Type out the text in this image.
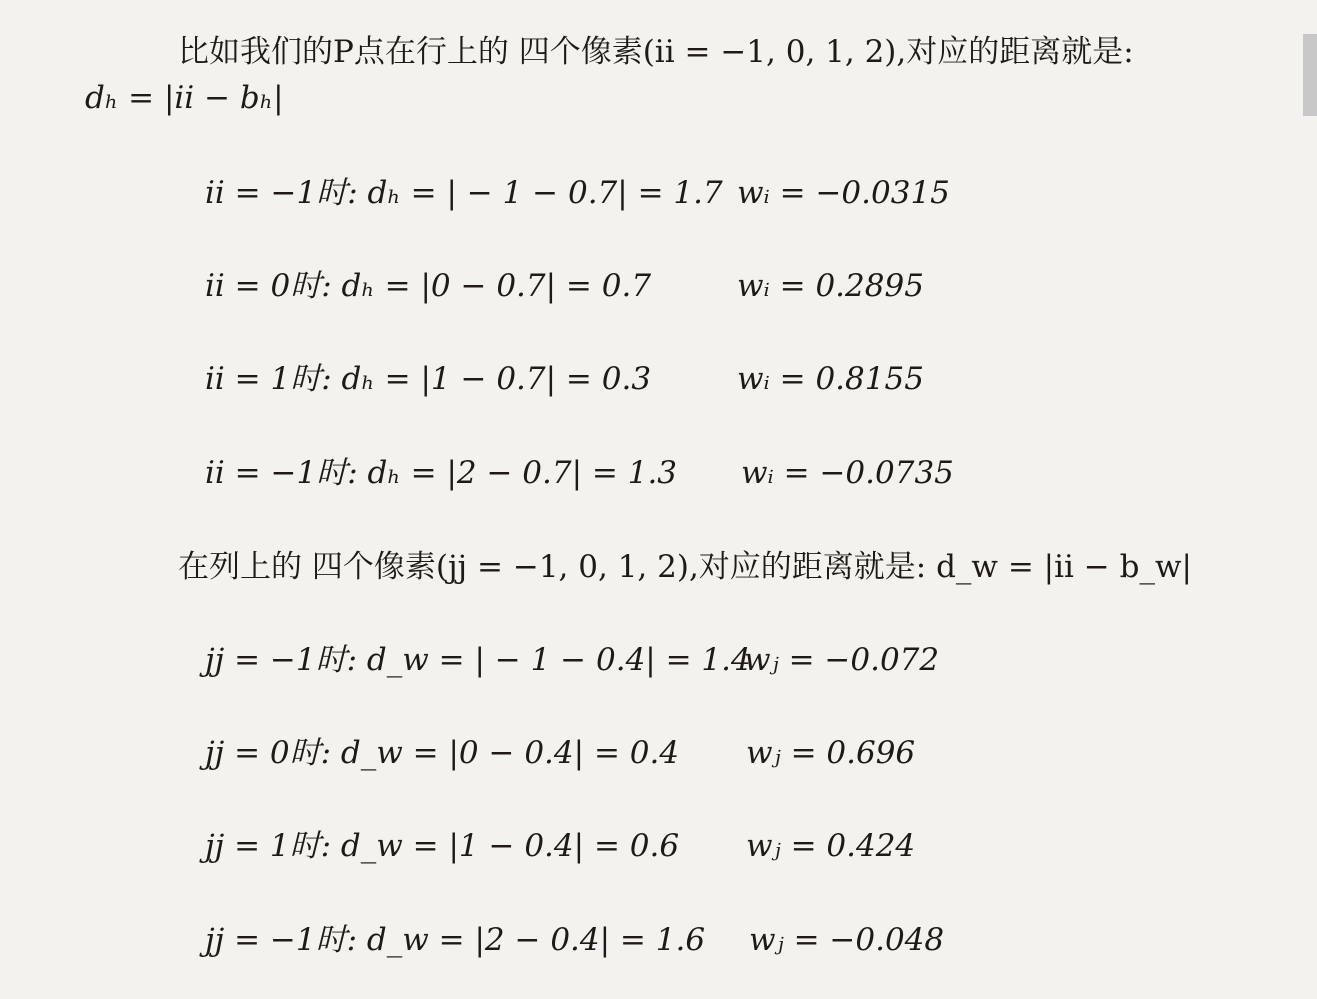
比如我们的P点在行上的 四个像素(ii = −1, 0, 1, 2),对应的距离就是:
dₕ = |ii − bₕ|
ii = −1时: dₕ = | − 1 − 0.7| = 1.7 wᵢ = −0.0315
ii = 0时: dₕ = |0 − 0.7| = 0.7	wᵢ = 0.2895
ii = 1时: dₕ = |1 − 0.7| = 0.3	wᵢ = 0.8155
ii = −1时: dₕ = |2 − 0.7| = 1.3 wᵢ = −0.0735
在列上的 四个像素(jj = −1, 0, 1, 2),对应的距离就是: d_w = |ii − b_w|
jj = −1时: d_w = | − 1 − 0.4| = 1.4
wⱼ = −0.072
jj = 0时: d_w = |0 − 0.4| = 0.4 wⱼ = 0.696
jj = 1时: d_w = |1 − 0.4| = 0.6 wⱼ = 0.424
jj = −1时: d_w = |2 − 0.4| = 1.6 wⱼ = −0.048
